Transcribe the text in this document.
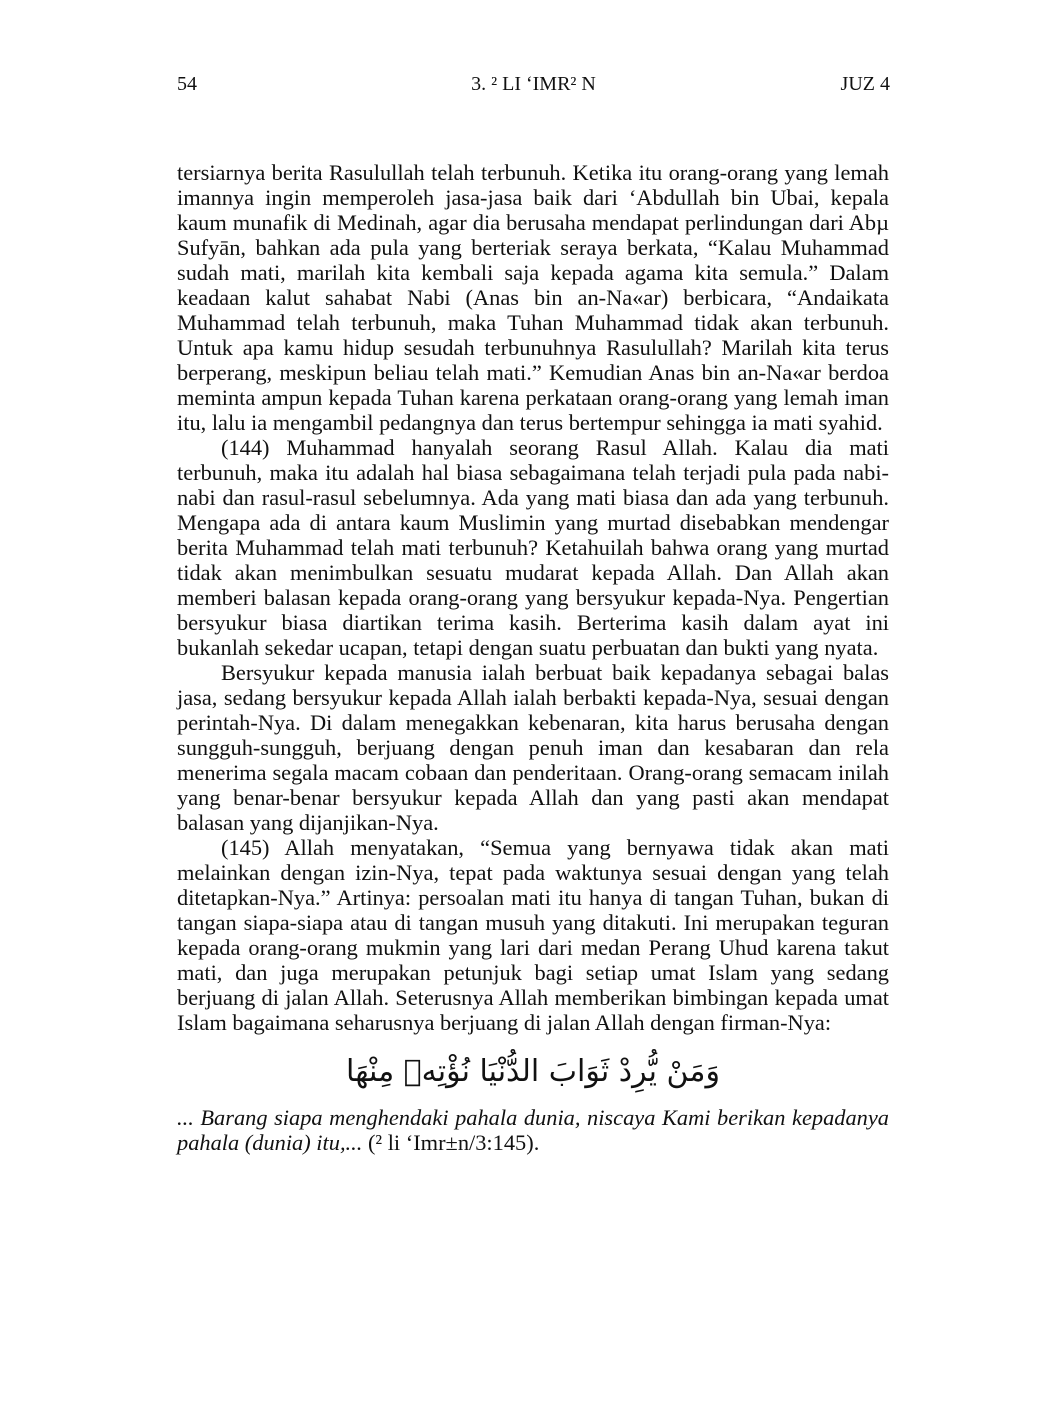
54	3. ² LI ‘IMR² N	JUZ 4

tersiarnya berita Rasulullah telah terbunuh. Ketika itu orang-orang yang lemah imannya ingin memperoleh jasa-jasa baik dari ‘Abdullah bin Ubai, kepala kaum munafik di Medinah, agar dia berusaha mendapat perlindungan dari Abµ Sufyān, bahkan ada pula yang berteriak seraya berkata, “Kalau Muhammad sudah mati, marilah kita kembali saja kepada agama kita semula.” Dalam keadaan kalut sahabat Nabi (Anas bin an-Na«ar) berbicara, “Andaikata Muhammad telah terbunuh, maka Tuhan Muhammad tidak akan terbunuh. Untuk apa kamu hidup sesudah terbunuhnya Rasulullah? Marilah kita terus berperang, meskipun beliau telah mati.” Kemudian Anas bin an-Na«ar berdoa meminta ampun kepada Tuhan karena perkataan orang-orang yang lemah iman itu, lalu ia mengambil pedangnya dan terus bertempur sehingga ia mati syahid.

(144) Muhammad hanyalah seorang Rasul Allah. Kalau dia mati terbunuh, maka itu adalah hal biasa sebagaimana telah terjadi pula pada nabi-nabi dan rasul-rasul sebelumnya. Ada yang mati biasa dan ada yang terbunuh. Mengapa ada di antara kaum Muslimin yang murtad disebabkan mendengar berita Muhammad telah mati terbunuh? Ketahuilah bahwa orang yang murtad tidak akan menimbulkan sesuatu mudarat kepada Allah. Dan Allah akan memberi balasan kepada orang-orang yang bersyukur kepada-Nya. Pengertian bersyukur biasa diartikan terima kasih. Berterima kasih dalam ayat ini bukanlah sekedar ucapan, tetapi dengan suatu perbuatan dan bukti yang nyata.

Bersyukur kepada manusia ialah berbuat baik kepadanya sebagai balas jasa, sedang bersyukur kepada Allah ialah berbakti kepada-Nya, sesuai dengan perintah-Nya. Di dalam menegakkan kebenaran, kita harus berusaha dengan sungguh-sungguh, berjuang dengan penuh iman dan kesabaran dan rela menerima segala macam cobaan dan penderitaan. Orang-orang semacam inilah yang benar-benar bersyukur kepada Allah dan yang pasti akan mendapat balasan yang dijanjikan-Nya.

(145) Allah menyatakan, “Semua yang bernyawa tidak akan mati melainkan dengan izin-Nya, tepat pada waktunya sesuai dengan yang telah ditetapkan-Nya.” Artinya: persoalan mati itu hanya di tangan Tuhan, bukan di tangan siapa-siapa atau di tangan musuh yang ditakuti. Ini merupakan teguran kepada orang-orang mukmin yang lari dari medan Perang Uhud karena takut mati, dan juga merupakan petunjuk bagi setiap umat Islam yang sedang berjuang di jalan Allah. Seterusnya Allah memberikan bimbingan kepada umat Islam bagaimana seharusnya berjuang di jalan Allah dengan firman-Nya:

وَمَنْ يُّرِدْ ثَوَابَ الدُّنْيَا نُؤْتِهٖ مِنْهَا

... Barang siapa menghendaki pahala dunia, niscaya Kami berikan kepadanya pahala (dunia) itu,... (² li ‘Imr±n/3:145).
